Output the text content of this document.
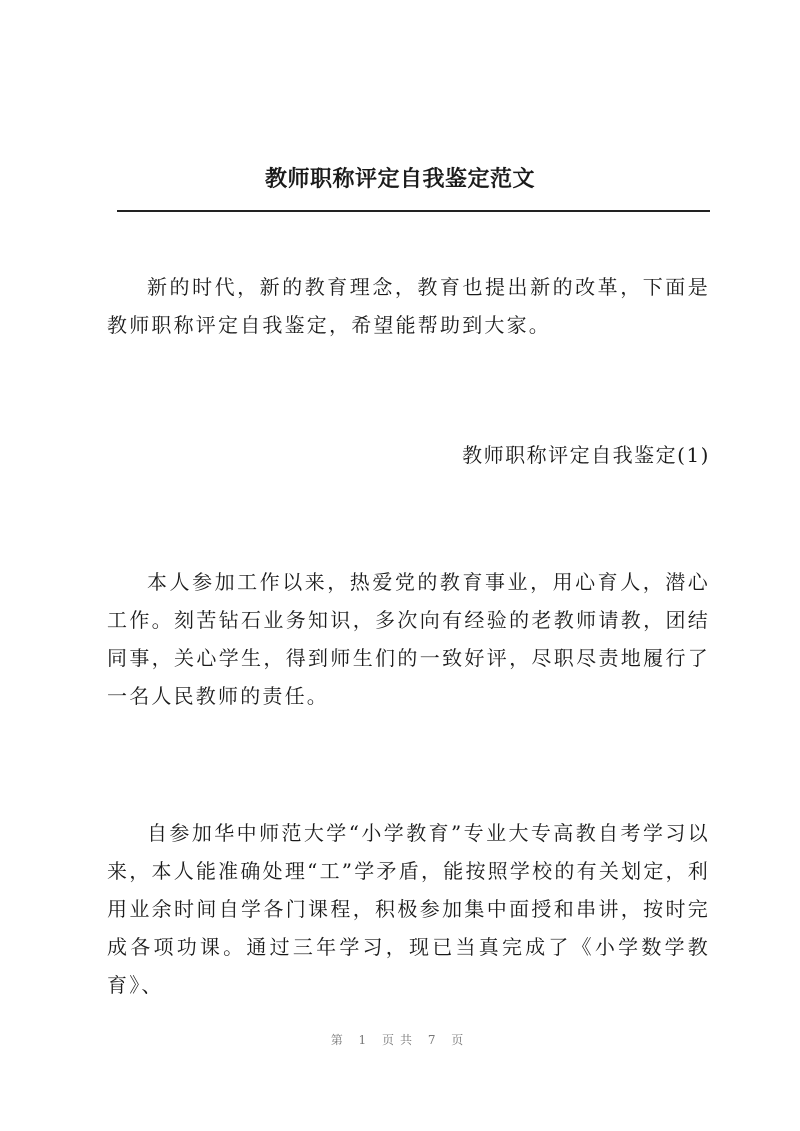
教师职称评定自我鉴定范文

新的时代，新的教育理念，教育也提出新的改革，下面是教师职称评定自我鉴定，希望能帮助到大家。

教师职称评定自我鉴定(1)

本人参加工作以来，热爱党的教育事业，用心育人，潜心工作。刻苦钻石业务知识，多次向有经验的老教师请教，团结同事，关心学生，得到师生们的一致好评，尽职尽责地履行了一名人民教师的责任。

自参加华中师范大学“小学教育”专业大专高教自考学习以来，本人能准确处理“工”学矛盾，能按照学校的有关划定，利用业余时间自学各门课程，积极参加集中面授和串讲，按时完成各项功课。通过三年学习，现已当真完成了《小学数学教育》、

第 1 页共 7 页
